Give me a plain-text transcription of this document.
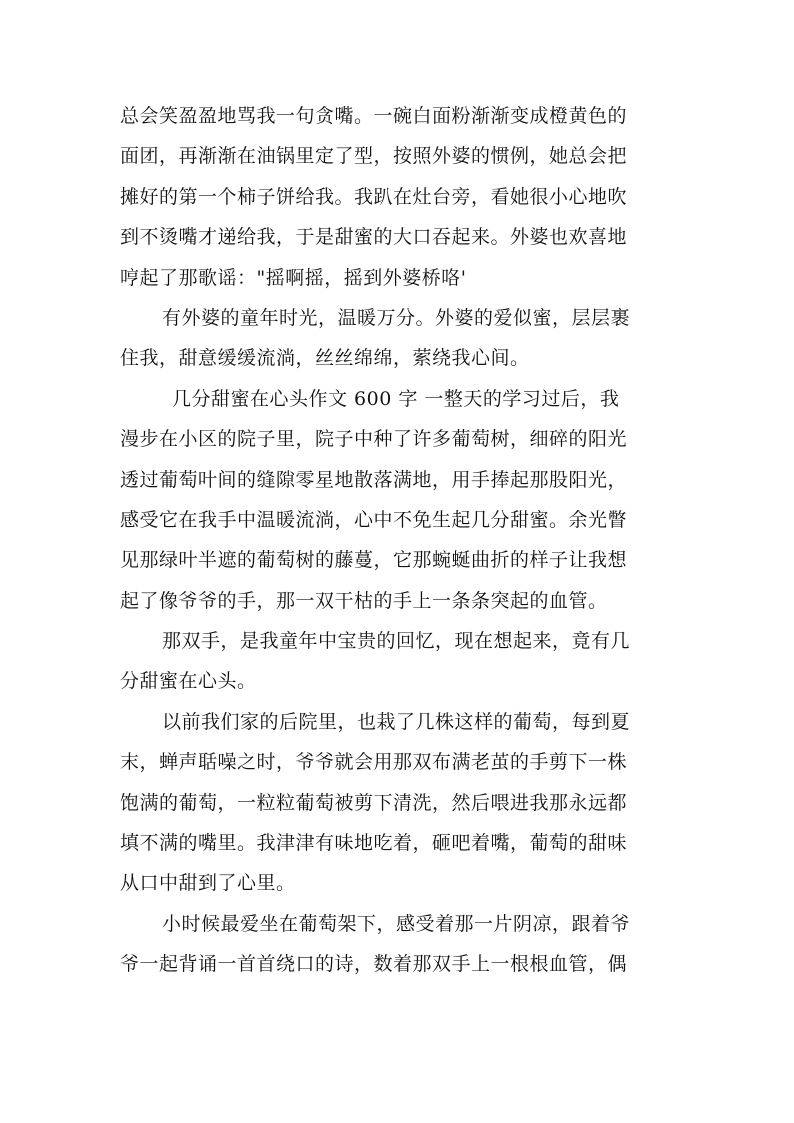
总会笑盈盈地骂我一句贪嘴。一碗白面粉渐渐变成橙黄色的
面团，再渐渐在油锅里定了型，按照外婆的惯例，她总会把
摊好的第一个柿子饼给我。我趴在灶台旁，看她很小心地吹
到不烫嘴才递给我，于是甜蜜的大口吞起来。外婆也欢喜地
哼起了那歌谣："摇啊摇，摇到外婆桥咯'
有外婆的童年时光，温暖万分。外婆的爱似蜜，层层裹
住我，甜意缓缓流淌，丝丝绵绵，萦绕我心间。
几分甜蜜在心头作文 600 字 一整天的学习过后，我
漫步在小区的院子里，院子中种了许多葡萄树，细碎的阳光
透过葡萄叶间的缝隙零星地散落满地，用手捧起那股阳光，
感受它在我手中温暖流淌，心中不免生起几分甜蜜。余光瞥
见那绿叶半遮的葡萄树的藤蔓，它那蜿蜒曲折的样子让我想
起了像爷爷的手，那一双干枯的手上一条条突起的血管。
那双手，是我童年中宝贵的回忆，现在想起来，竟有几
分甜蜜在心头。
以前我们家的后院里，也栽了几株这样的葡萄，每到夏
末，蝉声聒噪之时，爷爷就会用那双布满老茧的手剪下一株
饱满的葡萄，一粒粒葡萄被剪下清洗，然后喂进我那永远都
填不满的嘴里。我津津有味地吃着，砸吧着嘴，葡萄的甜味
从口中甜到了心里。
小时候最爱坐在葡萄架下，感受着那一片阴凉，跟着爷
爷一起背诵一首首绕口的诗，数着那双手上一根根血管，偶
